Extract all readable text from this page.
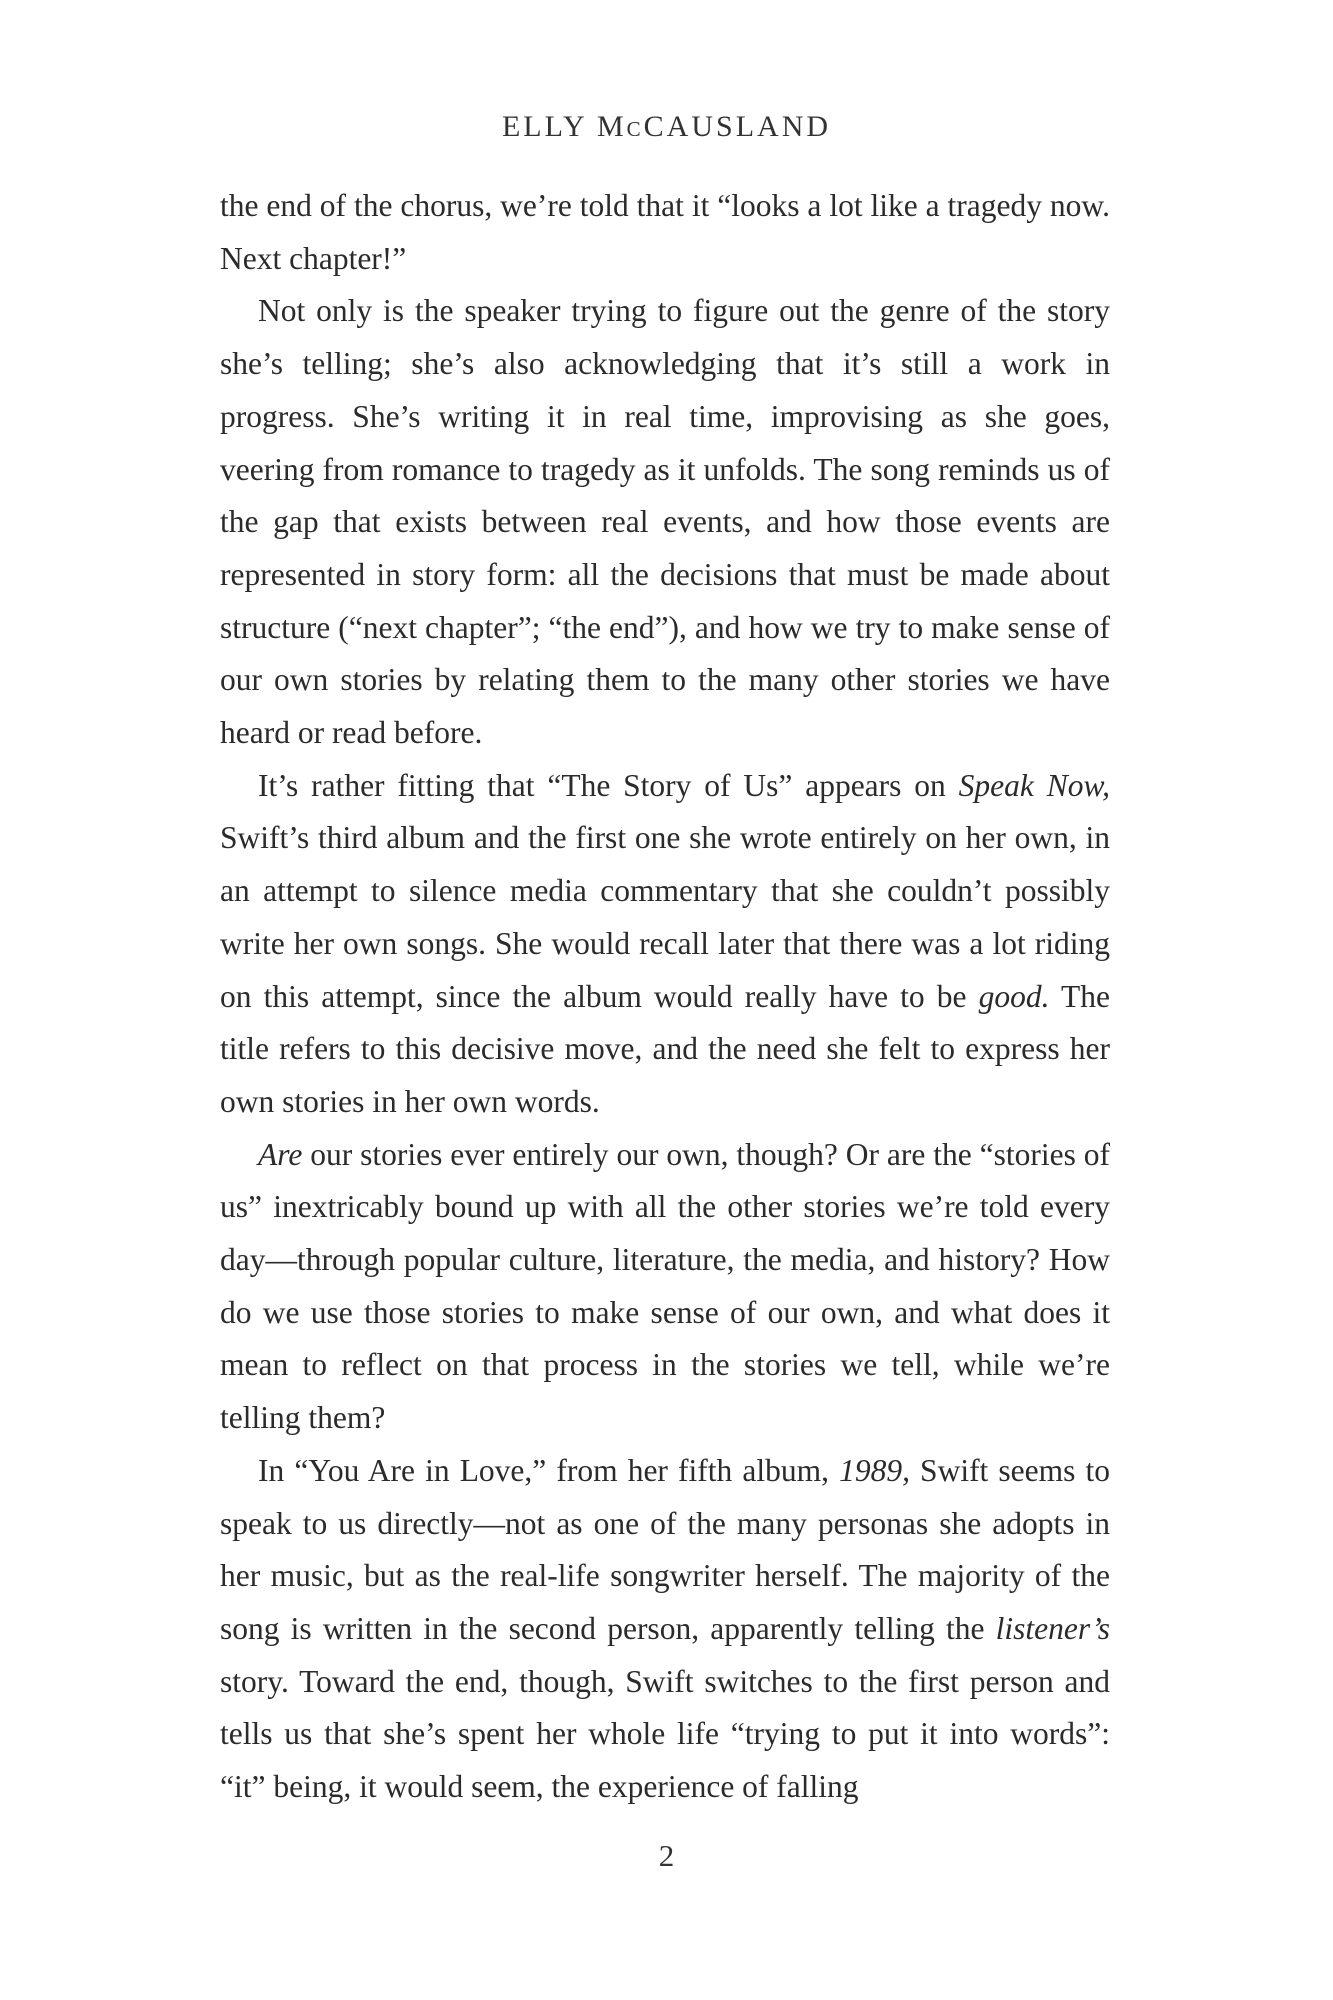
ELLY McCAUSLAND

the end of the chorus, we’re told that it “looks a lot like a tragedy now. Next chapter!”

Not only is the speaker trying to figure out the genre of the story she’s telling; she’s also acknowledging that it’s still a work in progress. She’s writing it in real time, improvising as she goes, veering from romance to tragedy as it unfolds. The song reminds us of the gap that exists between real events, and how those events are represented in story form: all the decisions that must be made about structure (“next chapter”; “the end”), and how we try to make sense of our own stories by relating them to the many other stories we have heard or read before.

It’s rather fitting that “The Story of Us” appears on Speak Now, Swift’s third album and the first one she wrote entirely on her own, in an attempt to silence media commentary that she couldn’t possibly write her own songs. She would recall later that there was a lot riding on this attempt, since the album would really have to be good. The title refers to this decisive move, and the need she felt to express her own stories in her own words.

Are our stories ever entirely our own, though? Or are the “stories of us” inextricably bound up with all the other stories we’re told every day—through popular culture, literature, the media, and history? How do we use those stories to make sense of our own, and what does it mean to reflect on that process in the stories we tell, while we’re telling them?

In “You Are in Love,” from her fifth album, 1989, Swift seems to speak to us directly—not as one of the many personas she adopts in her music, but as the real-life songwriter herself. The majority of the song is written in the second person, apparently telling the listener’s story. Toward the end, though, Swift switches to the first person and tells us that she’s spent her whole life “trying to put it into words”: “it” being, it would seem, the experience of falling

2
